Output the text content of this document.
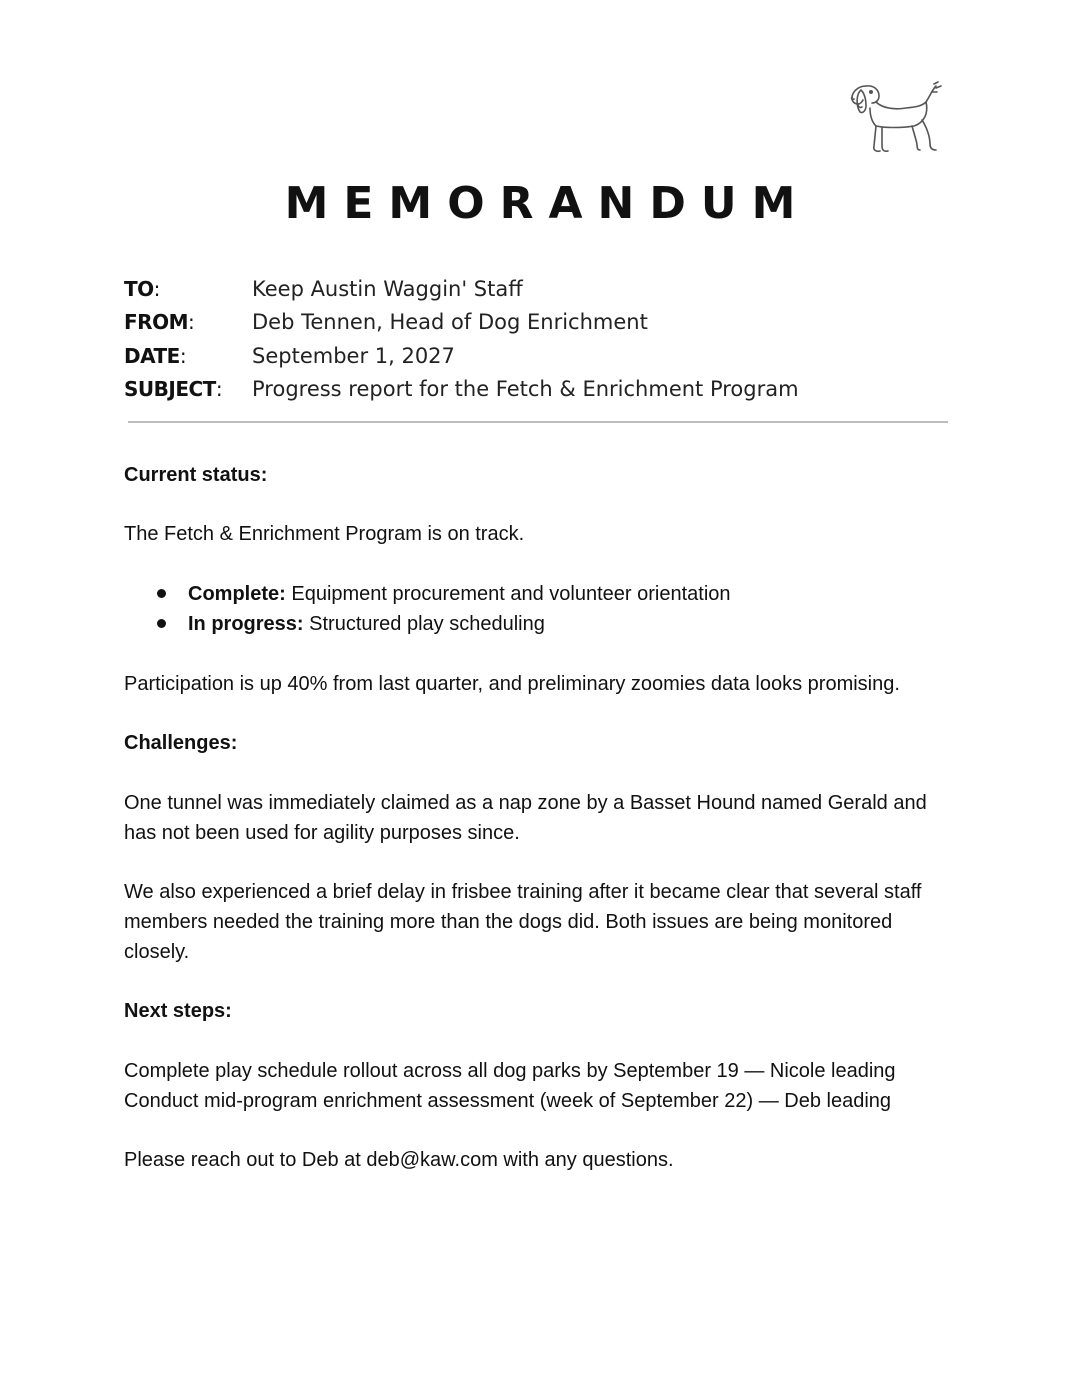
MEMORANDUM
TO:	Keep Austin Waggin' Staff
FROM:	Deb Tennen, Head of Dog Enrichment
DATE:	September 1, 2027
SUBJECT:	Progress report for the Fetch & Enrichment Program
Current status:
The Fetch & Enrichment Program is on track.
Complete: Equipment procurement and volunteer orientation
In progress: Structured play scheduling
Participation is up 40% from last quarter, and preliminary zoomies data looks promising.
Challenges:
One tunnel was immediately claimed as a nap zone by a Basset Hound named Gerald and has not been used for agility purposes since.
We also experienced a brief delay in frisbee training after it became clear that several staff members needed the training more than the dogs did. Both issues are being monitored closely.
Next steps:
Complete play schedule rollout across all dog parks by September 19 — Nicole leading
Conduct mid-program enrichment assessment (week of September 22) — Deb leading
Please reach out to Deb at deb@kaw.com with any questions.
